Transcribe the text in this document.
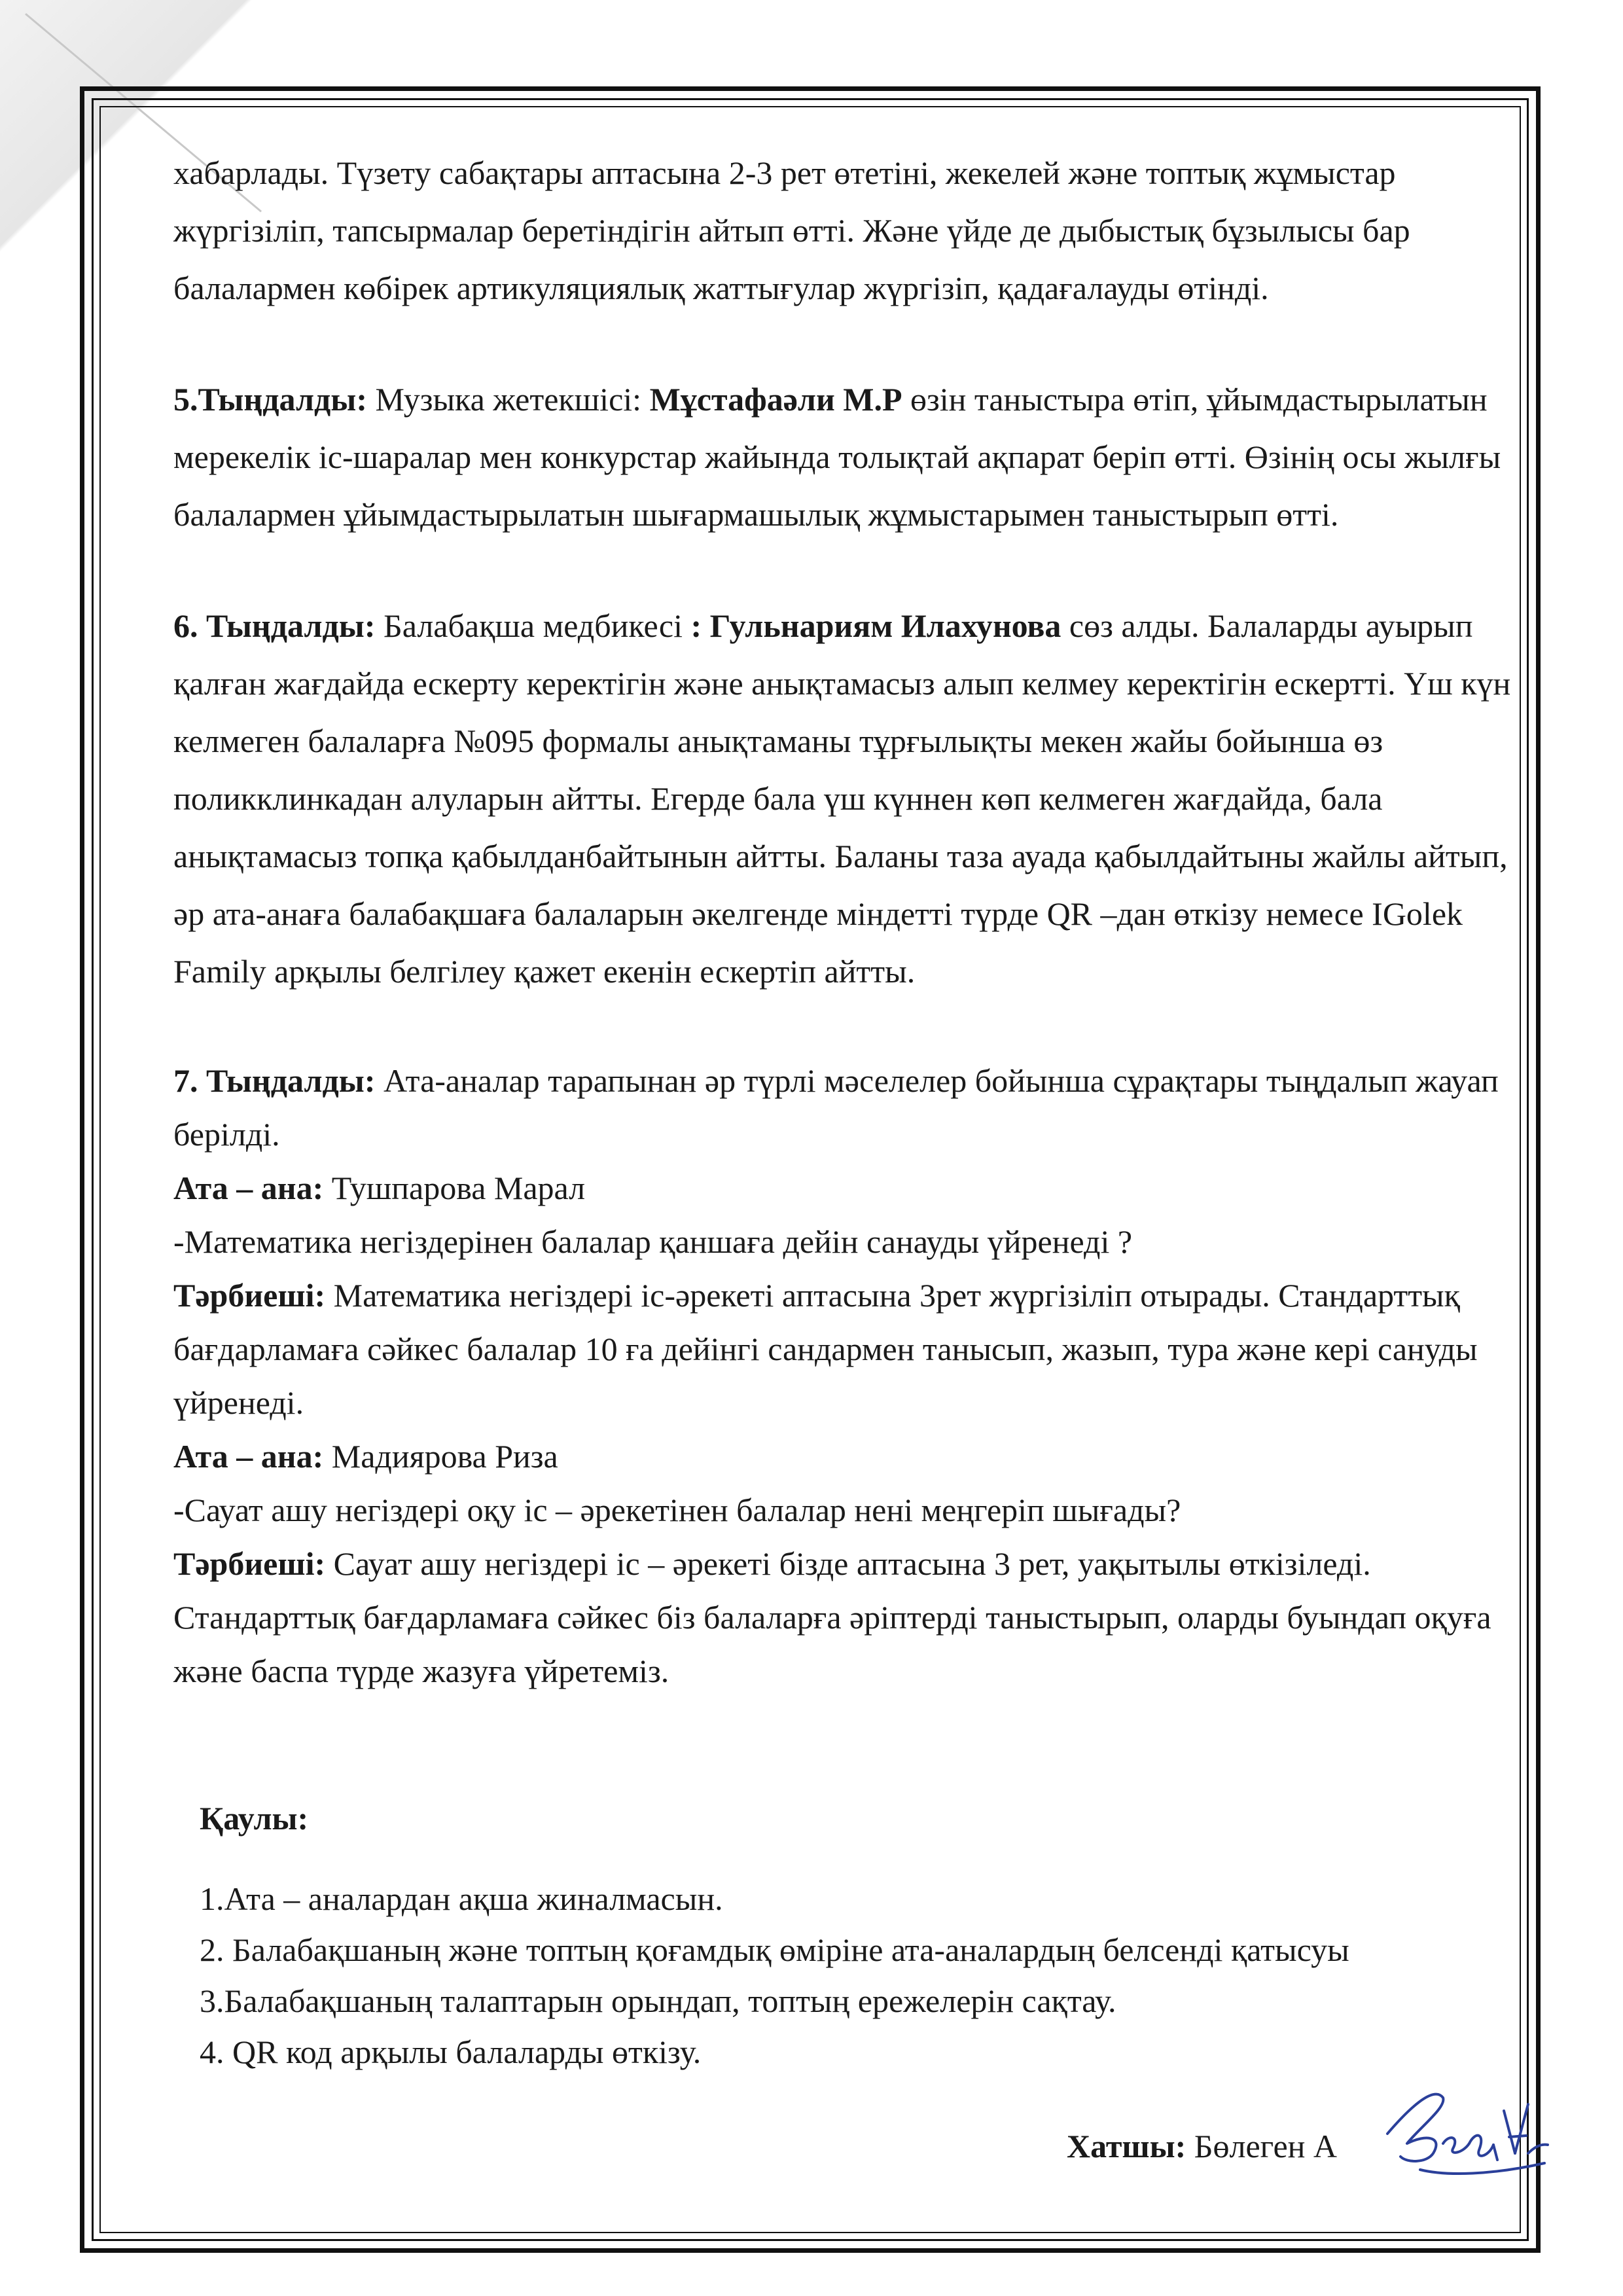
хабарлады. Түзету сабақтары аптасына 2-3 рет өтетіні, жекелей және топтық жұмыстар жүргізіліп, тапсырмалар беретіндігін айтып өтті. Және үйде де дыбыстық бұзылысы бар балалармен көбірек артикуляциялық жаттығулар жүргізіп, қадағалауды өтінді.

5.Тыңдалды: Музыка жетекшісі: Мұстафаәли М.Р өзін таныстыра өтіп, ұйымдастырылатын мерекелік іс-шаралар мен конкурстар жайында толықтай ақпарат беріп өтті. Өзінің осы жылғы балалармен ұйымдастырылатын шығармашылық жұмыстарымен таныстырып өтті.

6. Тыңдалды: Балабақша медбикесі : Гульнариям Илахунова сөз алды. Балаларды ауырып қалған жағдайда ескерту керектігін және анықтамасыз алып келмеу керектігін ескертті. Үш күн келмеген балаларға №095 формалы анықтаманы тұрғылықты мекен жайы бойынша өз поликклинкадан алуларын айтты. Егерде бала үш күннен көп келмеген жағдайда, бала анықтамасыз топқа қабылданбайтынын айтты. Баланы таза ауада қабылдайтыны жайлы айтып, әр ата-анаға балабақшаға балаларын әкелгенде міндетті түрде QR –дан өткізу немесе IGolek Family арқылы белгілеу қажет екенін ескертіп айтты.

7. Тыңдалды: Ата-аналар тарапынан әр түрлі мәселелер бойынша сұрақтары тыңдалып жауап берілді.

Ата – ана: Тушпарова Марал

-Математика негіздерінен балалар қаншаға дейін санауды үйренеді ?

Тәрбиеші: Математика негіздері іс-әрекеті аптасына 3рет жүргізіліп отырады. Стандарттық бағдарламаға сәйкес балалар 10 ға дейінгі сандармен танысып, жазып, тура және кері сануды үйренеді.

Ата – ана: Мадиярова Риза

-Сауат ашу негіздері оқу іс – әрекетінен балалар нені меңгеріп шығады?

Тәрбиеші: Сауат ашу негіздері іс – әрекеті бізде аптасына 3 рет, уақытылы өткізіледі. Стандарттық бағдарламаға сәйкес біз балаларға әріптерді таныстырып, оларды буындап оқуға және баспа түрде жазуға үйретеміз.

Қаулы:

1.Ата – аналардан ақша жиналмасын.

2. Балабақшаның және топтың қоғамдық өміріне ата-аналардың белсенді қатысуы

3.Балабақшаның талаптарын орындап, топтың ережелерін сақтау.

4. QR код арқылы балаларды өткізу.

Хатшы: Бөлеген А
